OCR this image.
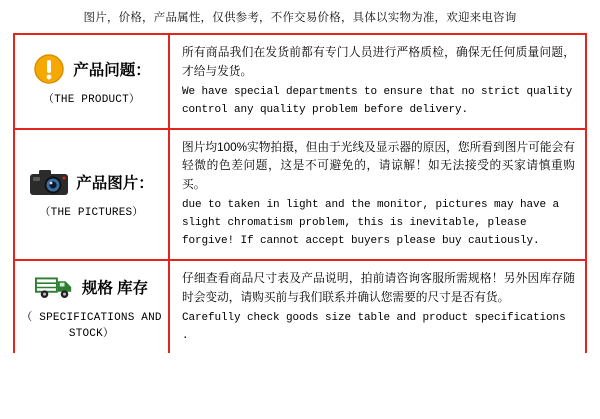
图片，价格，产品属性，仅供参考，不作交易价格，具体以实物为准，欢迎来电咨询
产品问题：
（THE PRODUCT）
所有商品我们在发货前都有专门人员进行严格质检，确保无任何质量问题，才给与发货。
We have special departments to ensure that no strict quality control any quality problem before delivery.
产品图片：
（THE PICTURES）
图片均100%实物拍摄，但由于光线及显示器的原因，您所看到图片可能会有轻微的色差问题，这是不可避免的，请谅解！如无法接受的买家请慎重购买。
due to taken in light and the monitor, pictures may have a slight chromatism problem, this is inevitable, please forgive! If cannot accept buyers please buy cautiously.
规格 库存
（ SPECIFICATIONS AND STOCK）
仔细查看商品尺寸表及产品说明，拍前请咨询客服所需规格！另外因库存随时会变动，请购买前与我们联系并确认您需要的尺寸是否有货。
Carefully check goods size table and product specifications .
